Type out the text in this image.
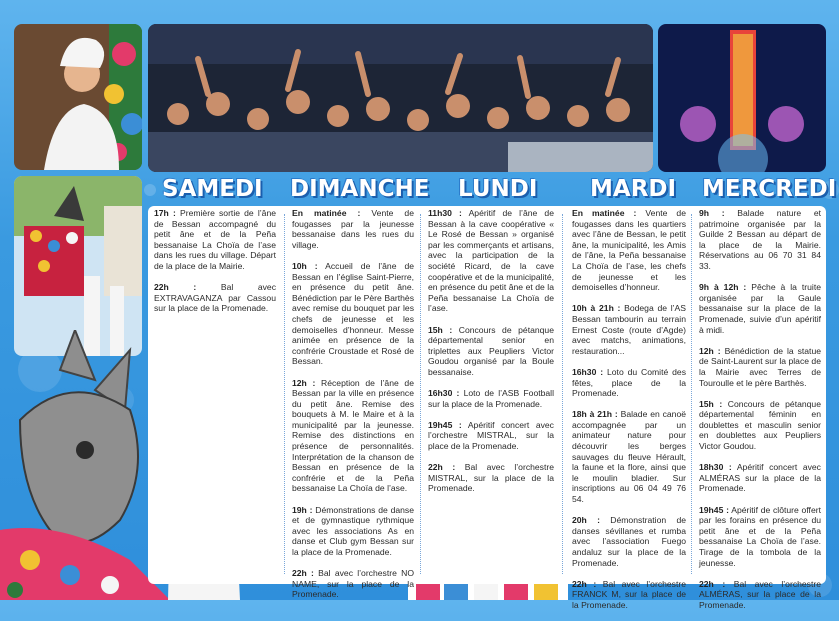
SAMEDI DIMANCHE LUNDI MARDI MERCREDI

17h : Première sortie de l’âne de Bessan accompagné du petit âne et de la Peña bessanaise La Choïa de l’ase dans les rues du village. Départ de la place de la Mairie.

22h :	Bal avec EXTRAVAGANZA par Cassou sur la place de la Promenade.

En matinée : Vente de fougasses par la jeunesse bessanaise dans les rues du village.

10h : Accueil de l’âne de Bessan en l’église Saint-Pierre, en présence du petit âne. Bénédiction par le Père Barthès avec remise du bouquet par les chefs de jeunesse et les demoiselles d’honneur. Messe animée en présence de la confrérie Croustade et Rosé de Bessan.

12h : Réception de l’âne de Bessan par la ville en présence du petit âne. Remise des bouquets à M. le Maire et à la municipalité par la jeunesse. Remise des distinctions en présence de personnalités. Interprétation de la chanson de Bessan en présence de la confrérie et de la Peña bessanaise La Choïa de l’ase.

19h : Démonstrations de danse et de gymnastique rythmique avec les associations As en danse et Club gym Bessan sur la place de la Promenade.

22h : Bal avec l’orchestre NO NAME, sur la place de la Promenade.

11h30 : Apéritif de l’âne de Bessan à la cave coopérative « Le Rosé de Bessan » organisé par les commerçants et artisans, avec la participation de la société Ricard, de la cave coopérative et de la municipalité, en présence du petit âne et de la Peña bessanaise La Choïa de l’ase.

15h : Concours de pétanque départemental senior en triplettes aux Peupliers Victor Goudou organisé par la Boule bessanaise.

16h30 : Loto de l’ASB Football sur la place de la Promenade.

19h45 : Apéritif concert avec l’orchestre MISTRAL, sur la place de la Promenade.

22h : Bal avec l’orchestre MISTRAL, sur la place de la Promenade.

En matinée : Vente de fougasses dans les quartiers avec l’âne de Bessan, le petit âne, la municipalité, les Amis de l’âne, la Peña bessanaise La Choïa de l’ase, les chefs de jeunesse et les demoiselles d’honneur.

10h à 21h : Bodega de l’AS Bessan tambourin au terrain Ernest Coste (route d’Agde) avec matchs, animations, restauration...

16h30 : Loto du Comité des fêtes, place de la Promenade.

18h à 21h : Balade en canoë accompagnée par un animateur nature pour découvrir les berges sauvages du fleuve Hérault, la faune et la flore, ainsi que le moulin bladier. Sur inscriptions au 06 04 49 76 54.

20h : Démonstration de danses sévillanes et rumba avec l’association Fuego andaluz sur la place de la Promenade.

22h : Bal avec l’orchestre FRANCK M, sur la place de la Promenade.

9h : Balade nature et patrimoine organisée par la Guilde 2 Bessan au départ de la place de la Mairie. Réservations au 06 70 31 84 33.

9h à 12h : Pêche à la truite organisée par la Gaule bessanaise sur la place de la Promenade, suivie d’un apéritif à midi.

12h : Bénédiction de la statue de Saint-Laurent sur la place de la Mairie avec Terres de Touroulle et le père Barthès.

15h : Concours de pétanque départemental féminin en doublettes et masculin senior en doublettes aux Peupliers Victor Goudou.

18h30 : Apéritif concert avec ALMÉRAS sur la place de la Promenade.

19h45 : Apéritif de clôture offert par les forains en présence du petit âne et de la Peña bessanaise La Choïa de l’ase. Tirage de la tombola de la jeunesse.

22h : Bal avec l’orchestre ALMÉRAS, sur la place de la Promenade.
